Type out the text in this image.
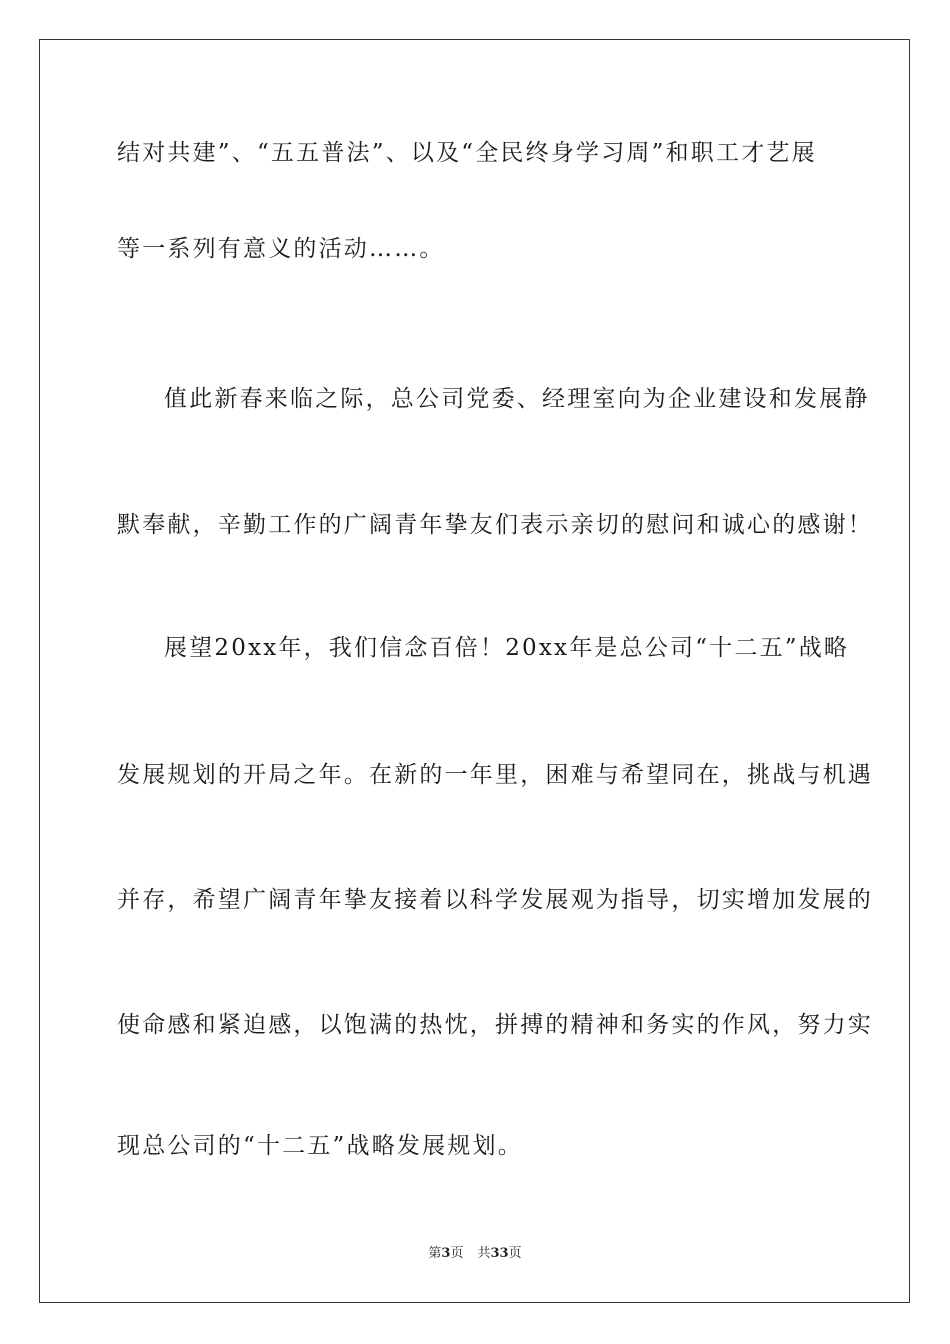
结对共建”、“五五普法”、以及“全民终身学习周”和职工才艺展
等一系列有意义的活动……。
值此新春来临之际，总公司党委、经理室向为企业建设和发展静
默奉献，辛勤工作的广阔青年挚友们表示亲切的慰问和诚心的感谢！
展望20xx年，我们信念百倍！20xx年是总公司“十二五”战略
发展规划的开局之年。在新的一年里，困难与希望同在，挑战与机遇
并存，希望广阔青年挚友接着以科学发展观为指导，切实增加发展的
使命感和紧迫感，以饱满的热忱，拼搏的精神和务实的作风，努力实
现总公司的“十二五”战略发展规划。
第3页 共33页
